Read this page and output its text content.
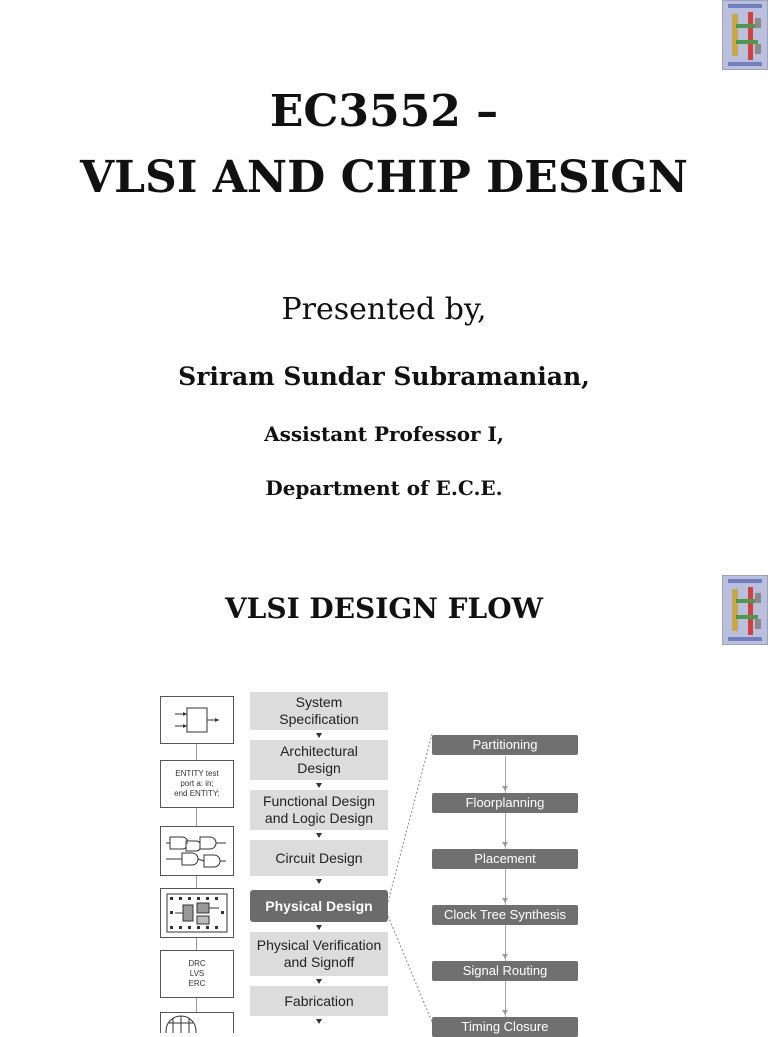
EC3552 –
VLSI AND CHIP DESIGN
Presented by,
Sriram Sundar Subramanian,
Assistant Professor I,
Department of E.C.E.
VLSI DESIGN FLOW
ENTITY test
port a: in;
end ENTITY;
DRC
LVS
ERC
System
Specification
Architectural
Design
Functional Design
and Logic Design
Circuit Design
Physical Design
Physical Verification
and Signoff
Fabrication
Partitioning
Floorplanning
Placement
Clock Tree Synthesis
Signal Routing
Timing Closure
